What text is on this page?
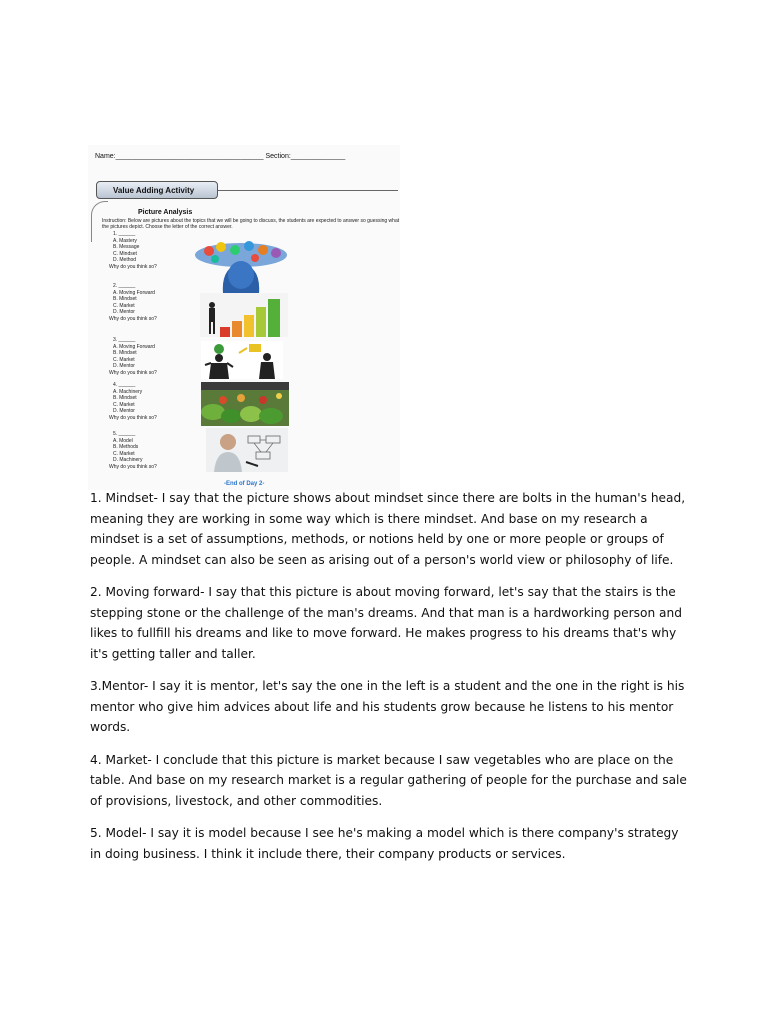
Name:______________________________________ Section:______________
Value Adding Activity
Picture Analysis
Instruction: Below are pictures about the topics that we will be going to discuss, the students are expected to answer so guessing what the pictures depict. Choose the letter of the correct answer.
1. ______
A. Mastery
B. Message
C. Mindset
D. Method
Why do you think so?
2. ______
A. Moving Forward
B. Mindset
C. Market
D. Mentor
Why do you think so?
3. ______
A. Moving Forward
B. Mindset
C. Market
D. Mentor
Why do you think so?
4. ______
A. Machinery
B. Mindset
C. Market
D. Mentor
Why do you think so?
5. ______
A. Model
B. Methods
C. Market
D. Machinery
Why do you think so?
-End of Day 2-

1. Mindset- I say that the picture shows about mindset since there are bolts in the human's head, meaning they are working in some way which is there mindset. And base on my research a mindset is a set of assumptions, methods, or notions held by one or more people or groups of people. A mindset can also be seen as arising out of a person's world view or philosophy of life.

2. Moving forward- I say that this picture is about moving forward, let's say that the stairs is the stepping stone or the challenge of the man's dreams. And that man is a hardworking person and likes to fullfill his dreams and like to move forward. He makes progress to his dreams that's why it's getting taller and taller.

3.Mentor- I say it is mentor, let's say the one in the left is a student and the one in the right is his mentor who give him advices about life and his students grow because he listens to his mentor words.

4. Market- I conclude that this picture is market because I saw vegetables who are place on the table. And base on my research market is a regular gathering of people for the purchase and sale of provisions, livestock, and other commodities.

5. Model- I say it is model because I see he's making a model which is there company's strategy in doing business. I think it include there, their company products or services.
